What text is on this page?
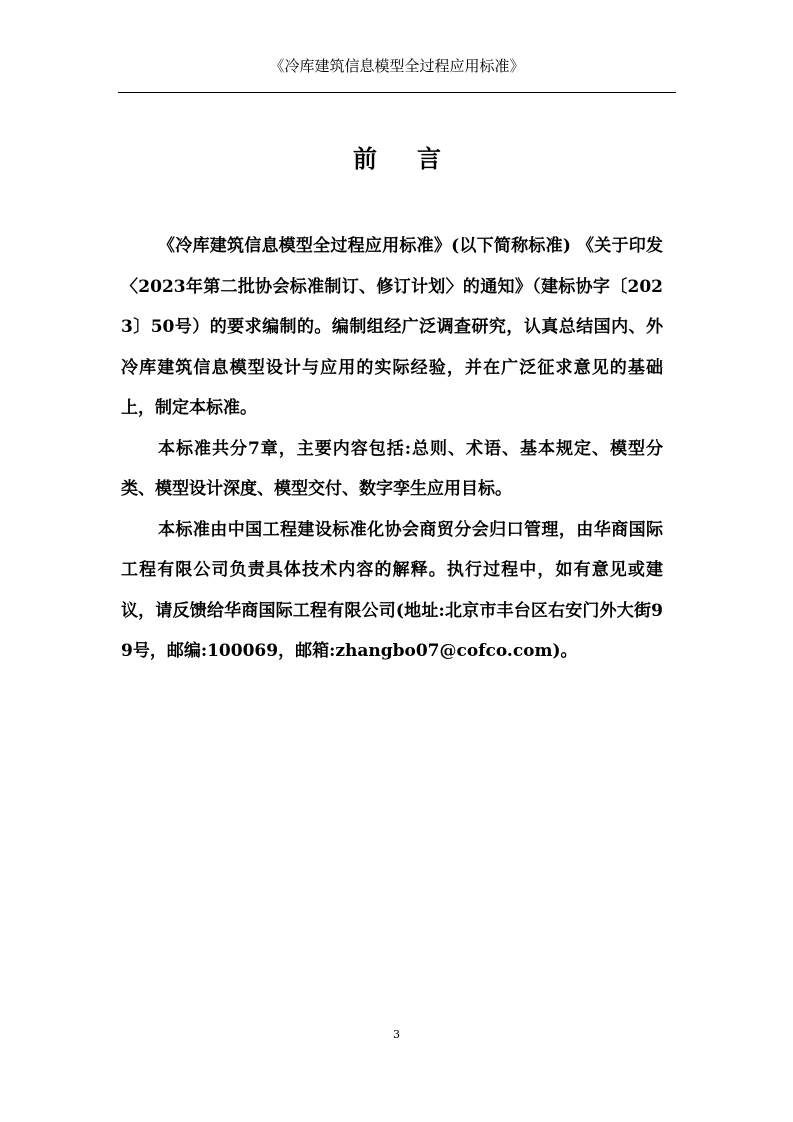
《冷库建筑信息模型全过程应用标准》
前言

《冷库建筑信息模型全过程应用标准》(以下简称标准) 《关于印发〈2023年第二批协会标准制订、修订计划〉的通知》（建标协字〔2023〕50号）的要求编制的。编制组经广泛调查研究，认真总结国内、外冷库建筑信息模型设计与应用的实际经验，并在广泛征求意见的基础上，制定本标准。

本标准共分7章，主要内容包括:总则、术语、基本规定、模型分类、模型设计深度、模型交付、数字孪生应用目标。

本标准由中国工程建设标准化协会商贸分会归口管理，由华商国际工程有限公司负责具体技术内容的解释。执行过程中，如有意见或建议，请反馈给华商国际工程有限公司(地址:北京市丰台区右安门外大街99号，邮编:100069，邮箱:zhangbo07@cofco.com)。

3
